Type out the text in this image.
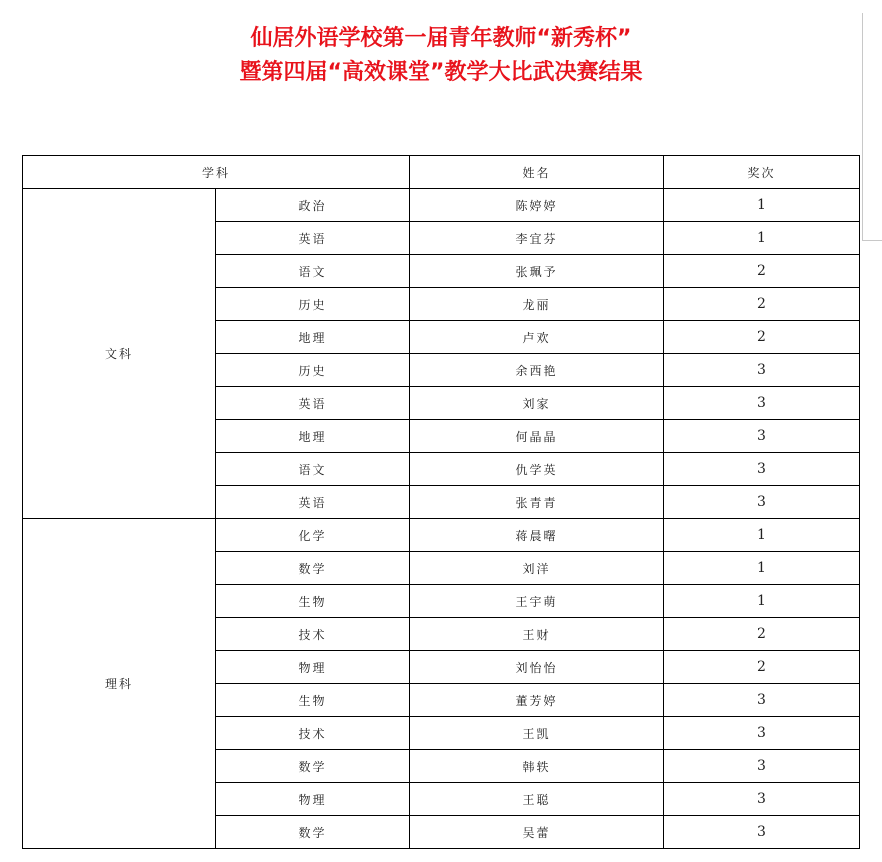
仙居外语学校第一届青年教师“新秀杯”
暨第四届“高效课堂”教学大比武决赛结果
学科		姓名	奖次
文科	政治	陈婷婷	1
	英语	李宜芬	1
	语文	张珮予	2
	历史	龙丽	2
	地理	卢欢	2
	历史	余西艳	3
	英语	刘家	3
	地理	何晶晶	3
	语文	仇学英	3
	英语	张青青	3
理科	化学	蒋晨曙	1
	数学	刘洋	1
	生物	王宇萌	1
	技术	王财	2
	物理	刘怡怡	2
	生物	董芳婷	3
	技术	王凯	3
	数学	韩轶	3
	物理	王聪	3
	数学	吴蕾	3
